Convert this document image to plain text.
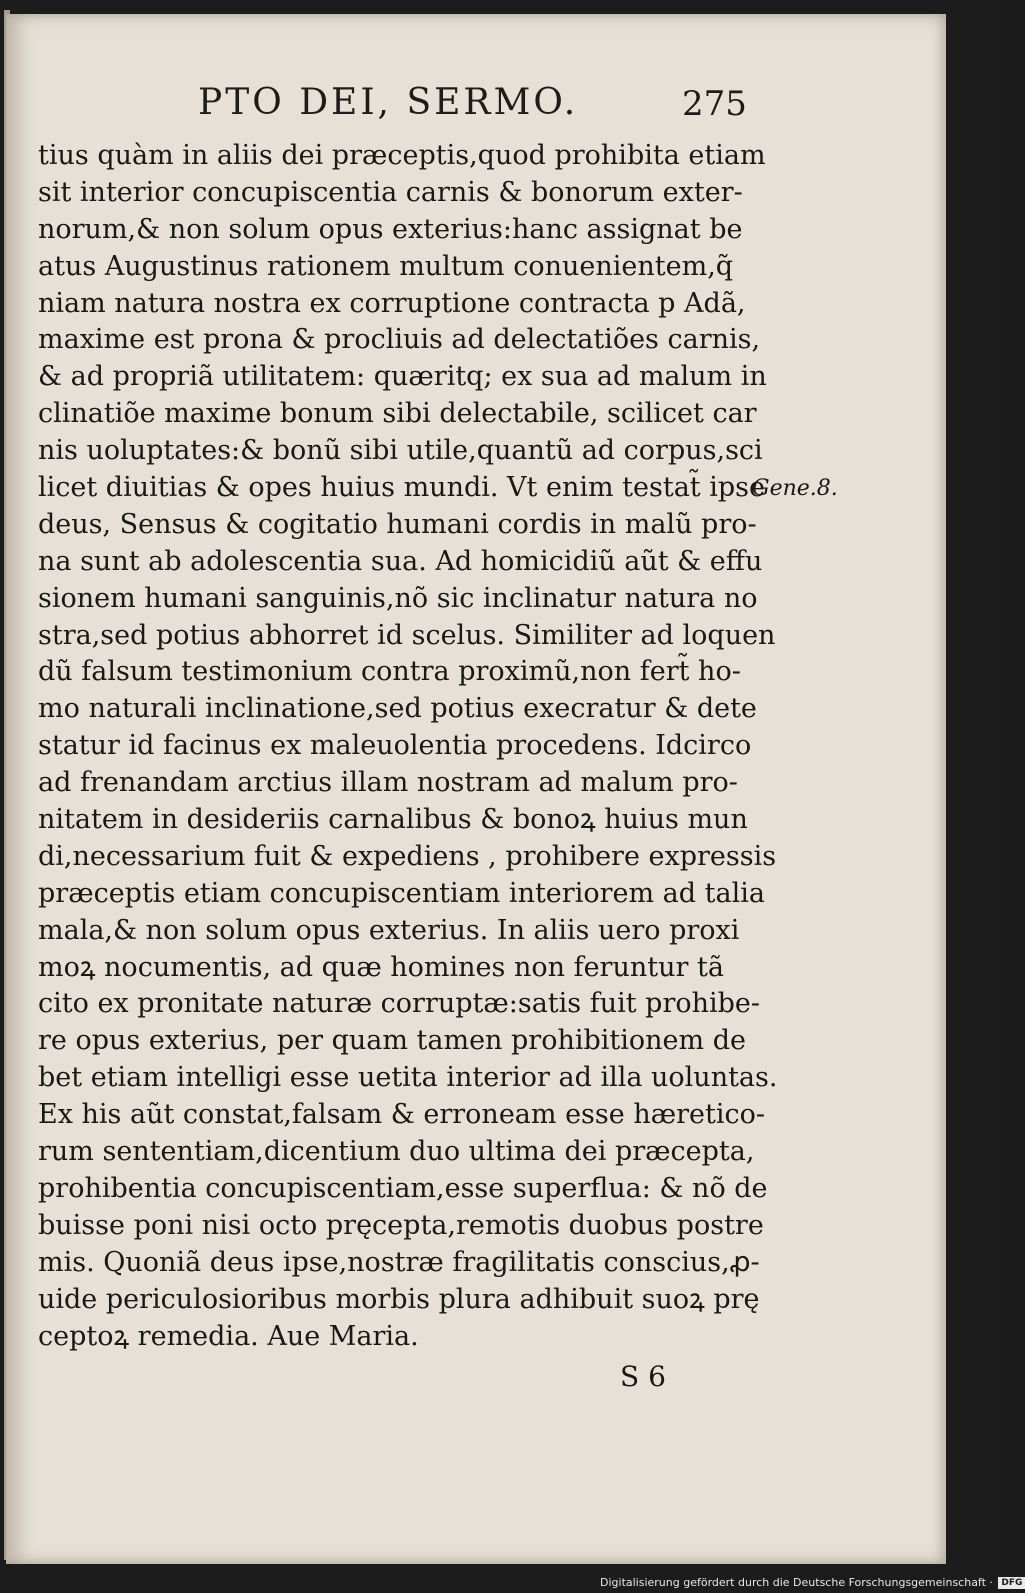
PTO DEI, SERMO.	275
tius quàm in aliis dei præceptis,quod prohibita etiam
sit interior concupiscentia carnis & bonorum exter-
norum,& non solum opus exterius:hanc assignat be
atus Augustinus rationem multum conuenientem,q̃
niam natura nostra ex corruptione contracta p Adã,
maxime est prona & procliuis ad delectatiões carnis,
& ad propriã utilitatem: quæritq; ex sua ad malum in
clinatiõe maxime bonum sibi delectabile, scilicet car
nis uoluptates:& bonũ sibi utile,quantũ ad corpus,sci
licet diuitias & opes huius mundi. Vt enim testat̃ ipse
deus, Sensus & cogitatio humani cordis in malũ pro-
na sunt ab adolescentia sua. Ad homicidiũ aũt & effu
sionem humani sanguinis,nõ sic inclinatur natura no
stra,sed potius abhorret id scelus. Similiter ad loquen
dũ falsum testimonium contra proximũ,non fert̃ ho-
mo naturali inclinatione,sed potius execratur & dete
statur id facinus ex maleuolentia procedens. Idcirco
ad frenandam arctius illam nostram ad malum pro-
nitatem in desideriis carnalibus & bonoꝝ huius mun
di,necessarium fuit & expediens , prohibere expressis
præceptis etiam concupiscentiam interiorem ad talia
mala,& non solum opus exterius. In aliis uero proxi
moꝝ nocumentis, ad quæ homines non feruntur tã
cito ex pronitate naturæ corruptæ:satis fuit prohibe-
re opus exterius, per quam tamen prohibitionem de
bet etiam intelligi esse uetita interior ad illa uoluntas.
Ex his aũt constat,falsam & erroneam esse hæretico-
rum sententiam,dicentium duo ultima dei præcepta,
prohibentia concupiscentiam,esse superflua: & nõ de
buisse poni nisi octo pręcepta,remotis duobus postre
mis. Quoniã deus ipse,nostræ fragilitatis conscius,ꝓ-
uide periculosioribus morbis plura adhibuit suoꝝ prę
ceptoꝝ remedia. Aue Maria.
Gene.8.
S 6
Digitalisierung gefördert durch die Deutsche Forschungsgemeinschaft · DFG
